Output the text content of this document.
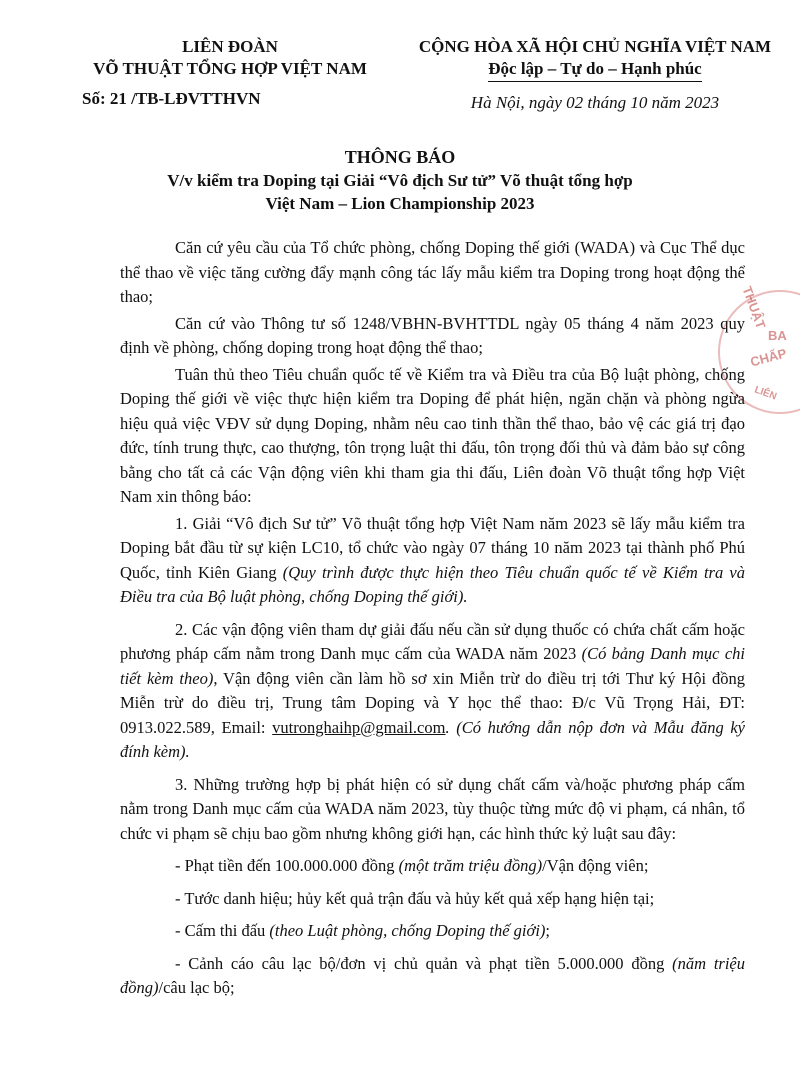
LIÊN ĐOÀN
VÕ THUẬT TỔNG HỢP VIỆT NAM
Số: 21 /TB-LĐVTTHVN
CỘNG HÒA XÃ HỘI CHỦ NGHĨA VIỆT NAM
Độc lập – Tự do – Hạnh phúc
Hà Nội, ngày 02 tháng 10 năm 2023
THÔNG BÁO
V/v kiểm tra Doping tại Giải “Vô địch Sư tử” Võ thuật tổng hợp
Việt Nam – Lion Championship 2023
THUẬT
BA
CHẤP
LIÊN

Căn cứ yêu cầu của Tổ chức phòng, chống Doping thế giới (WADA) và Cục Thể dục thể thao về việc tăng cường đẩy mạnh công tác lấy mẫu kiểm tra Doping trong hoạt động thể thao;

Căn cứ vào Thông tư số 1248/VBHN-BVHTTDL ngày 05 tháng 4 năm 2023 quy định về phòng, chống doping trong hoạt động thể thao;

Tuân thủ theo Tiêu chuẩn quốc tế về Kiểm tra và Điều tra của Bộ luật phòng, chống Doping thế giới về việc thực hiện kiểm tra Doping để phát hiện, ngăn chặn và phòng ngừa hiệu quả việc VĐV sử dụng Doping, nhằm nêu cao tinh thần thể thao, bảo vệ các giá trị đạo đức, tính trung thực, cao thượng, tôn trọng luật thi đấu, tôn trọng đối thủ và đảm bảo sự công bằng cho tất cả các Vận động viên khi tham gia thi đấu, Liên đoàn Võ thuật tổng hợp Việt Nam xin thông báo:

1. Giải “Vô địch Sư tử” Võ thuật tổng hợp Việt Nam năm 2023 sẽ lấy mẫu kiểm tra Doping bắt đầu từ sự kiện LC10, tổ chức vào ngày 07 tháng 10 năm 2023 tại thành phố Phú Quốc, tỉnh Kiên Giang (Quy trình được thực hiện theo Tiêu chuẩn quốc tế về Kiểm tra và Điều tra của Bộ luật phòng, chống Doping thế giới).

2. Các vận động viên tham dự giải đấu nếu cần sử dụng thuốc có chứa chất cấm hoặc phương pháp cấm nằm trong Danh mục cấm của WADA năm 2023 (Có bảng Danh mục chi tiết kèm theo), Vận động viên cần làm hồ sơ xin Miễn trừ do điều trị tới Thư ký Hội đồng Miễn trừ do điều trị, Trung tâm Doping và Y học thể thao: Đ/c Vũ Trọng Hải, ĐT: 0913.022.589, Email: vutronghaihp@gmail.com. (Có hướng dẫn nộp đơn và Mẫu đăng ký đính kèm).

3. Những trường hợp bị phát hiện có sử dụng chất cấm và/hoặc phương pháp cấm nằm trong Danh mục cấm của WADA năm 2023, tùy thuộc từng mức độ vi phạm, cá nhân, tổ chức vi phạm sẽ chịu bao gồm nhưng không giới hạn, các hình thức kỷ luật sau đây:

- Phạt tiền đến 100.000.000 đồng (một trăm triệu đồng)/Vận động viên;

- Tước danh hiệu; hủy kết quả trận đấu và hủy kết quả xếp hạng hiện tại;

- Cấm thi đấu (theo Luật phòng, chống Doping thế giới);

- Cảnh cáo câu lạc bộ/đơn vị chủ quản và phạt tiền 5.000.000 đồng (năm triệu đồng)/câu lạc bộ;
